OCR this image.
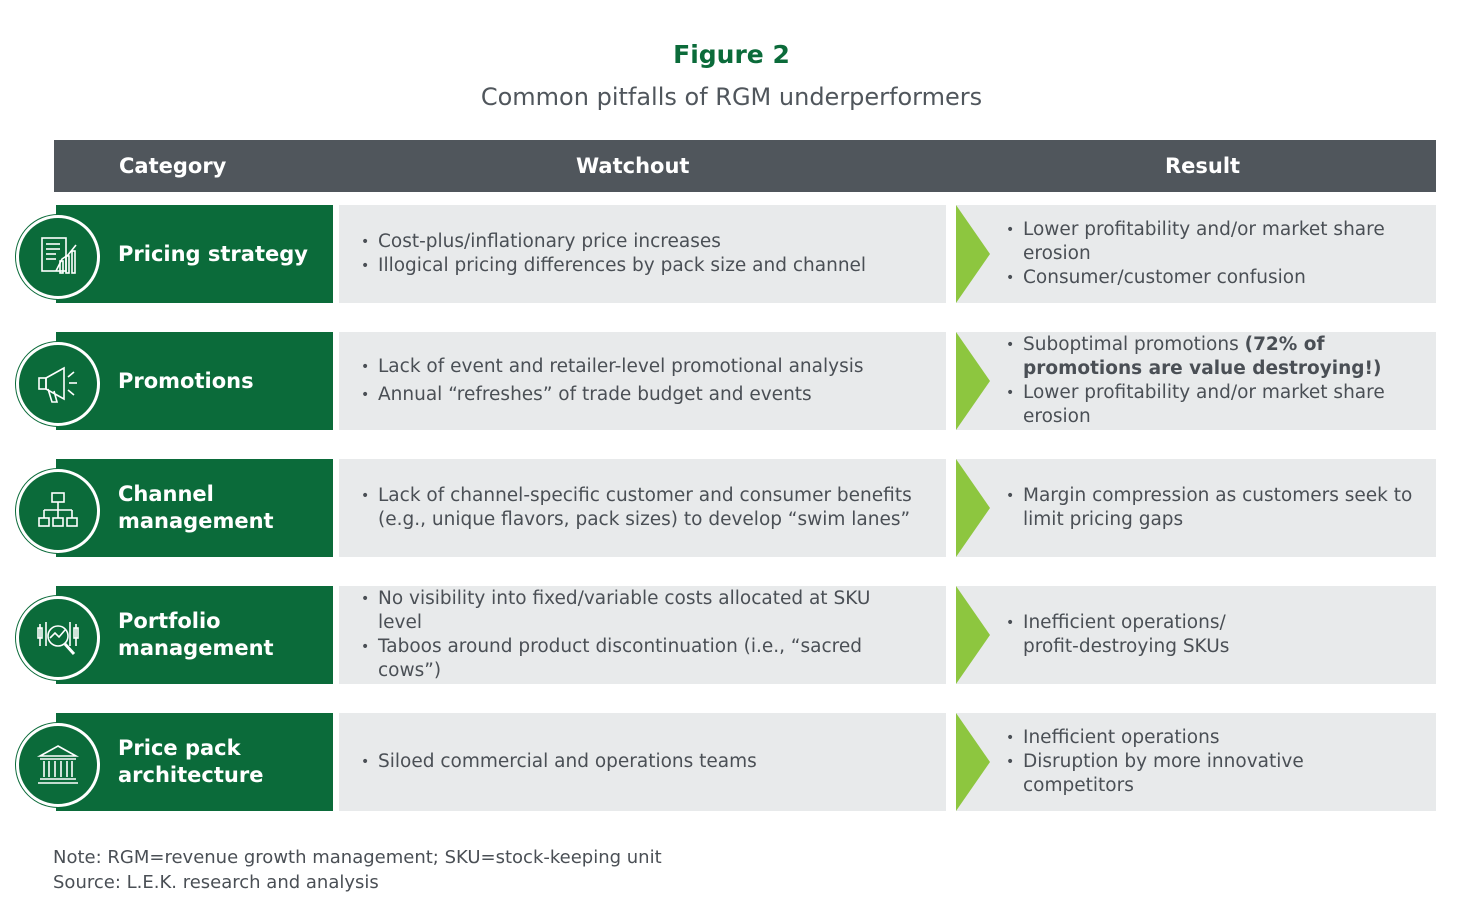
Figure 2
Common pitfalls of RGM underperformers
Category	Watchout	Result
Pricing strategy
•	Cost-plus/inflationary price increases
• Illogical pricing differences by pack size and channel
• Lower profitability and/or market share erosion
• Consumer/customer confusion
Promotions
• Lack of event and retailer-level promotional analysis
• Annual “refreshes” of trade budget and events
• Suboptimal promotions (72% of promotions are value destroying!)
• Lower profitability and/or market share erosion
Channel management
• Lack of channel-specific customer and consumer benefits (e.g., unique flavors, pack sizes) to develop “swim lanes”
• Margin compression as customers seek to limit pricing gaps
Portfolio management
• No visibility into fixed/variable costs allocated at SKU level
• Taboos around product discontinuation (i.e., “sacred cows”)
• Inefficient operations/ profit-destroying SKUs
Price pack architecture
• Siloed commercial and operations teams
• Inefficient operations
• Disruption by more innovative competitors
Note: RGM=revenue growth management; SKU=stock-keeping unit
Source: L.E.K. research and analysis
